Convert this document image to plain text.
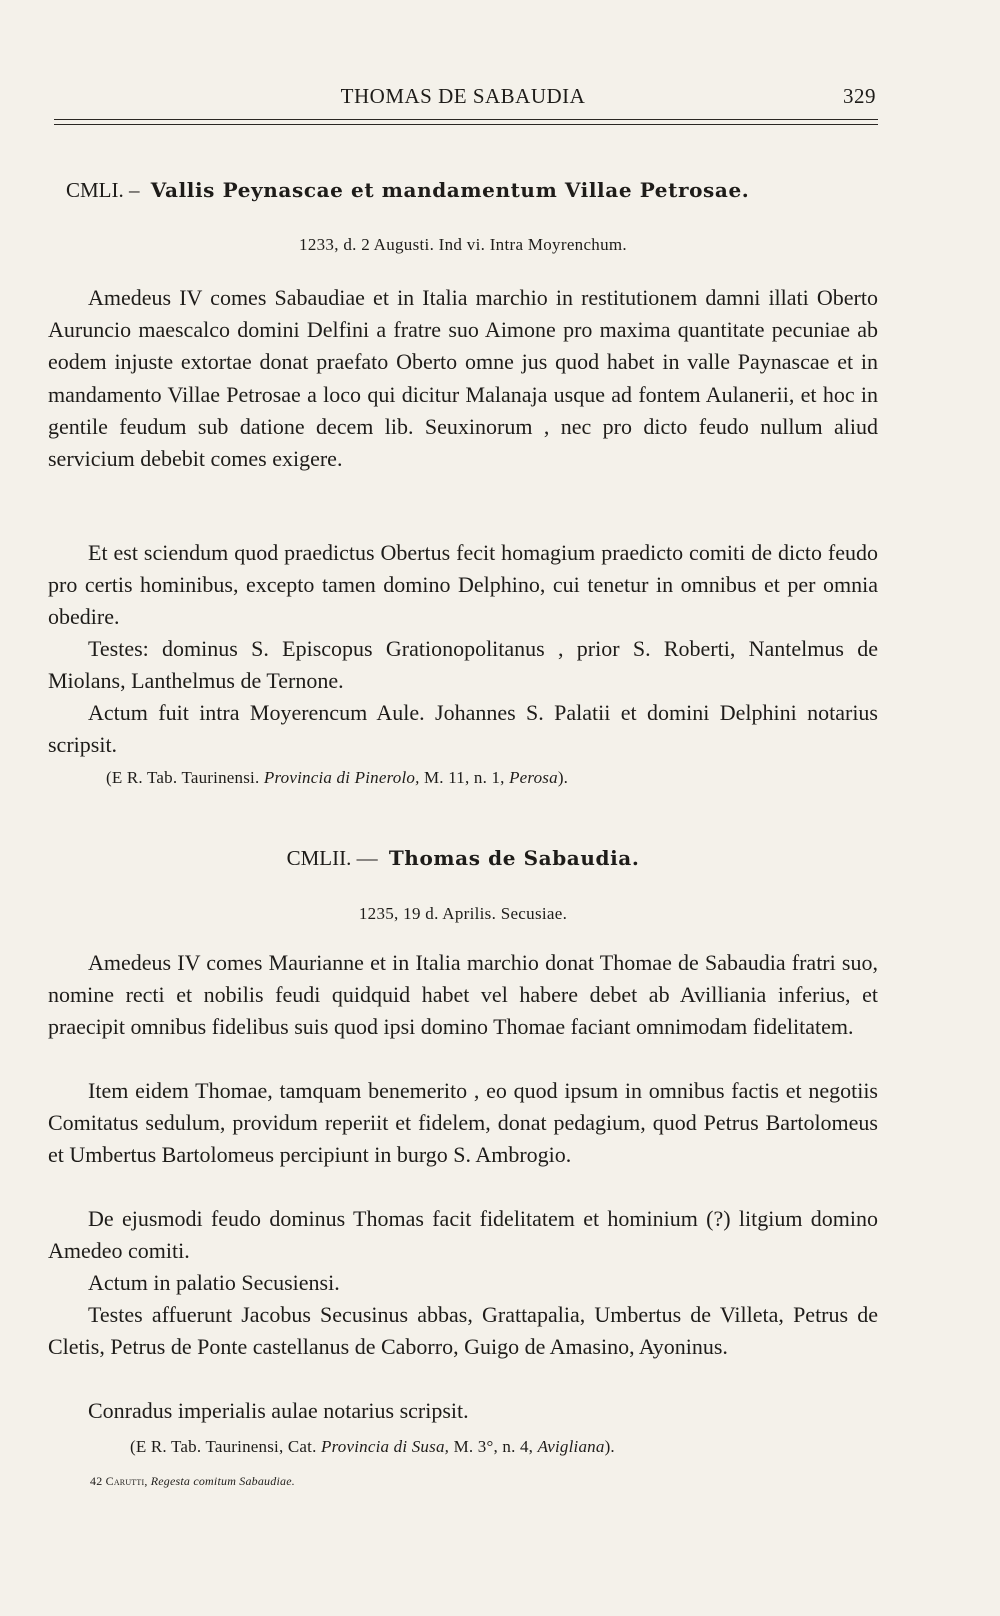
THOMAS DE SABAUDIA	329
CMLI. – Vallis Peynascae et mandamentum Villae Petrosae.
1233, d. 2 Augusti. Ind vi. Intra Moyrenchum.

Amedeus IV comes Sabaudiae et in Italia marchio in restitutionem damni illati Oberto Auruncio maescalco domini Delfini a fratre suo Aimone pro maxima quantitate pecuniae ab eodem injuste extortae donat praefato Oberto omne jus quod habet in valle Paynascae et in mandamento Villae Petrosae a loco qui dicitur Malanaja usque ad fontem Aulanerii, et hoc in gentile feudum sub datione decem lib. Seuxinorum , nec pro dicto feudo nullum aliud servicium debebit comes exigere.

Et est sciendum quod praedictus Obertus fecit homagium praedicto comiti de dicto feudo pro certis hominibus, excepto tamen domino Delphino, cui tenetur in omnibus et per omnia obedire.

Testes: dominus S. Episcopus Grationopolitanus , prior S. Roberti, Nantelmus de Miolans, Lanthelmus de Ternone.

Actum fuit intra Moyerencum Aule. Johannes S. Palatii et domini Delphini notarius scripsit.

(E R. Tab. Taurinensi. Provincia di Pinerolo, M. 11, n. 1, Perosa).
CMLII. — Thomas de Sabaudia.
1235, 19 d. Aprilis. Secusiae.

Amedeus IV comes Maurianne et in Italia marchio donat Thomae de Sabaudia fratri suo, nomine recti et nobilis feudi quidquid habet vel habere debet ab Avilliania inferius, et praecipit omnibus fidelibus suis quod ipsi domino Thomae faciant omnimodam fidelitatem.

Item eidem Thomae, tamquam benemerito , eo quod ipsum in omnibus factis et negotiis Comitatus sedulum, providum reperiit et fidelem, donat pedagium, quod Petrus Bartolomeus et Umbertus Bartolomeus percipiunt in burgo S. Ambrogio.

De ejusmodi feudo dominus Thomas facit fidelitatem et hominium (?) litgium domino Amedeo comiti.

Actum in palatio Secusiensi.

Testes affuerunt Jacobus Secusinus abbas, Grattapalia, Umbertus de Villeta, Petrus de Cletis, Petrus de Ponte castellanus de Caborro, Guigo de Amasino, Ayoninus.

Conradus imperialis aulae notarius scripsit.

(E R. Tab. Taurinensi, Cat. Provincia di Susa, M. 3°, n. 4, Avigliana).
42 Carutti, Regesta comitum Sabaudiae.
